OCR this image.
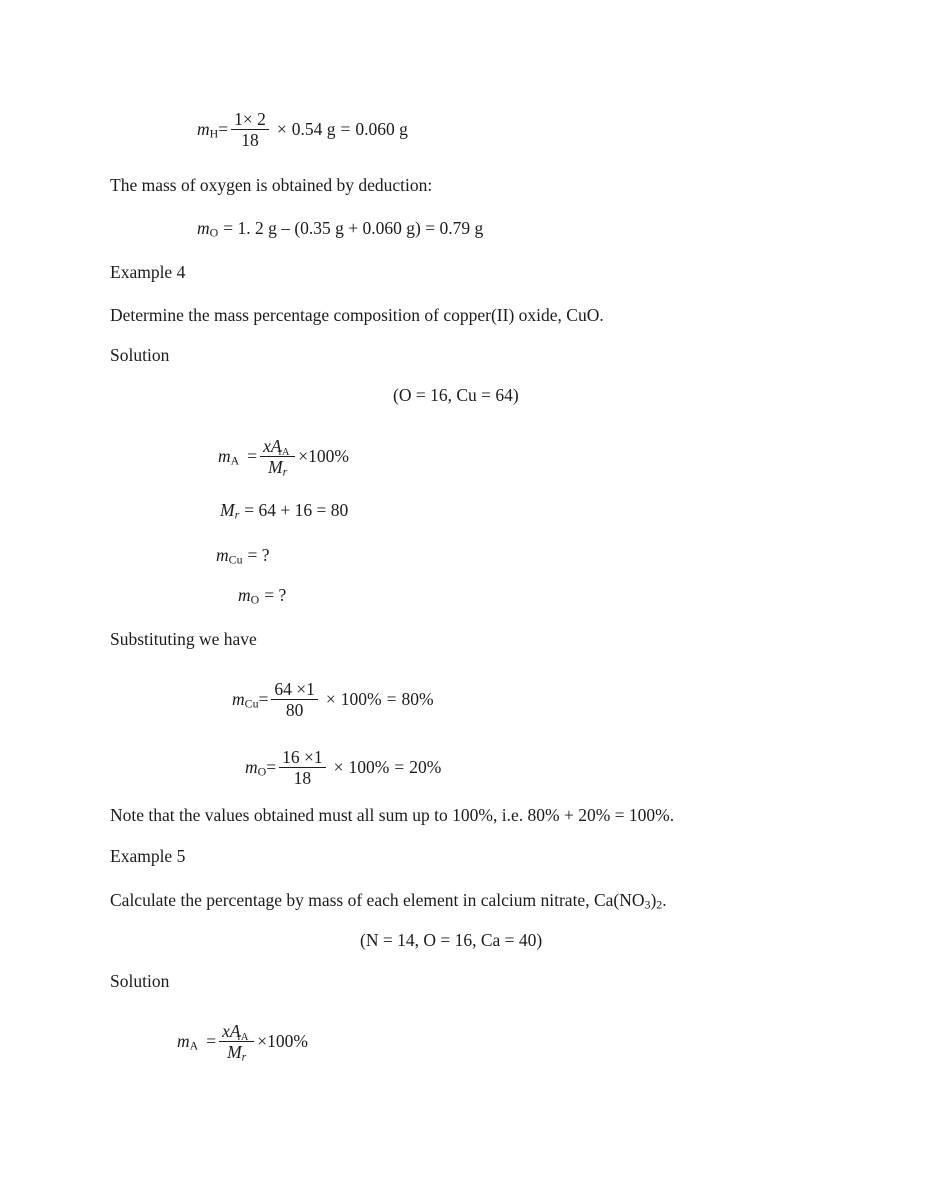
$m_H = \frac{1\times 2}{18} \times 0.54$ g = 0.060 g
The mass of oxygen is obtained by deduction:
$m_O = 1$. 2 g – (0.35 g + 0.060 g) = 0.79 g
Example 4
Determine the mass percentage composition of copper(II) oxide, CuO.
Solution
(O = 16, Cu = 64)
$m_A = \frac{\text{xArA}}{M_r} \times 100\%$
$M_r = 64 + 16 = 80$
$m_{Cu}$ = ?
$m_O$ = ?
Substituting we have
$m_{Cu} = \frac{64 \times 1}{80} \times 100\% = 80\%$
$m_O = \frac{16 \times 1}{18} \times 100\% = 20\%$
Note that the values obtained must all sum up to 100%, i.e. 80% + 20% = 100%.
Example 5
Calculate the percentage by mass of each element in calcium nitrate, $Ca(NO_3)_2$.
(N = 14, O = 16, Ca = 40)
Solution
$m_A = \frac{\text{xArA}}{M_r} \times 100\%$
